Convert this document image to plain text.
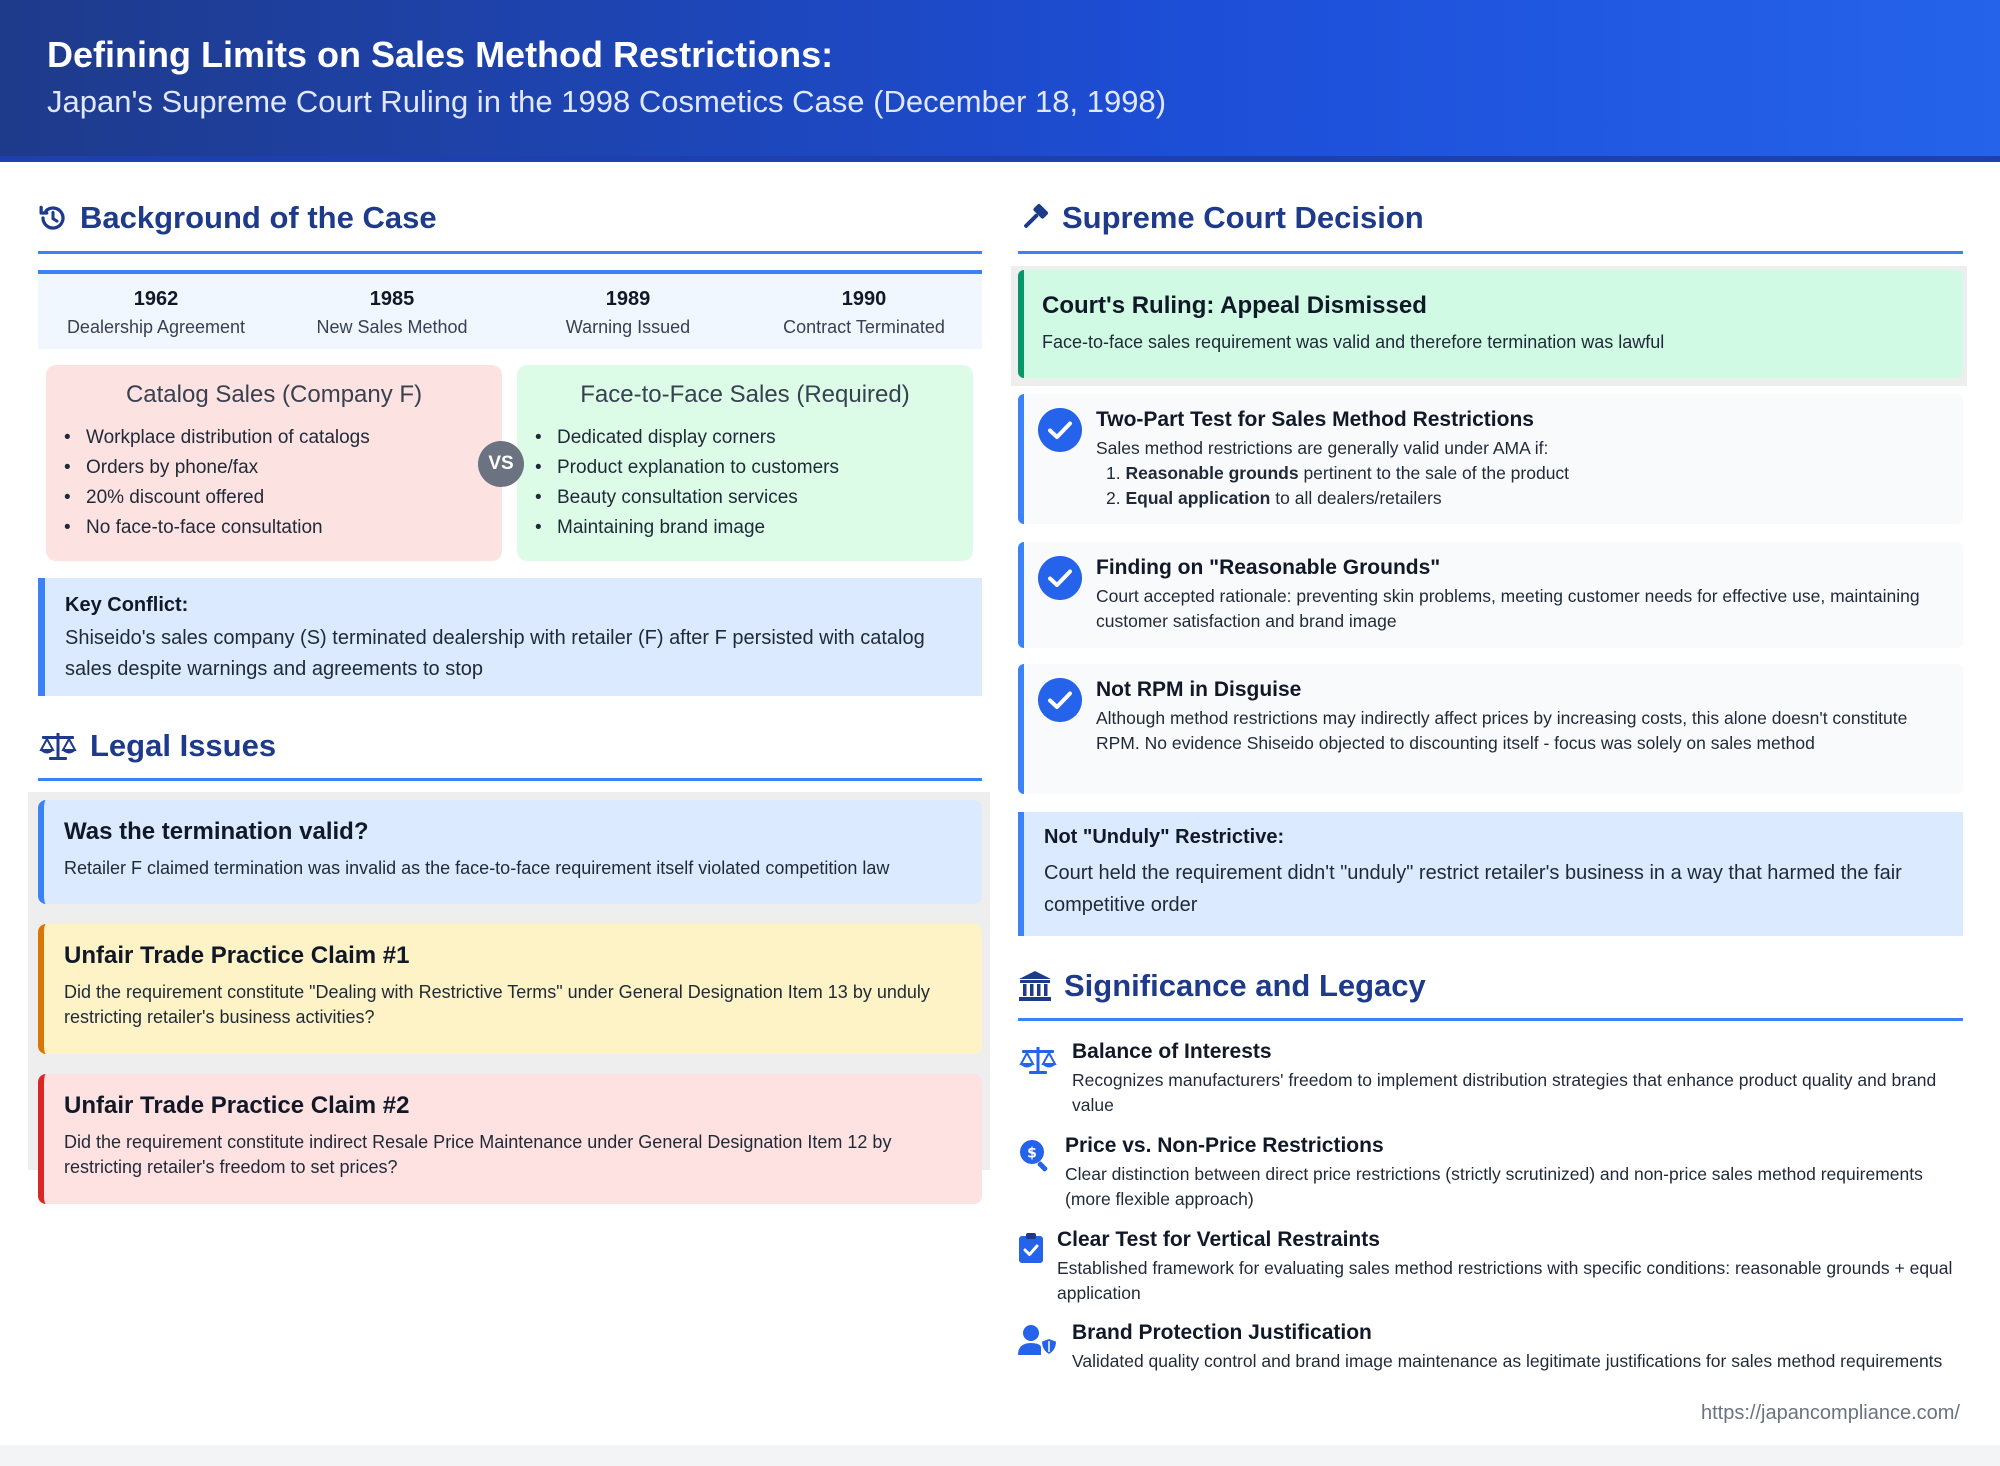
Defining Limits on Sales Method Restrictions:
Japan's Supreme Court Ruling in the 1998 Cosmetics Case (December 18, 1998)
Background of the Case
1962
Dealership Agreement
1985
New Sales Method
1989
Warning Issued
1990
Contract Terminated
Catalog Sales (Company F)
• Workplace distribution of catalogs
• Orders by phone/fax
• 20% discount offered
• No face-to-face consultation
Face-to-Face Sales (Required)
• Dedicated display corners
• Product explanation to customers
• Beauty consultation services
• Maintaining brand image
VS
Key Conflict:
Shiseido's sales company (S) terminated dealership with retailer (F) after F persisted with catalog sales despite warnings and agreements to stop
Legal Issues
Was the termination valid?
Retailer F claimed termination was invalid as the face-to-face requirement itself violated competition law
Unfair Trade Practice Claim #1
Did the requirement constitute "Dealing with Restrictive Terms" under General Designation Item 13 by unduly restricting retailer's business activities?
Unfair Trade Practice Claim #2
Did the requirement constitute indirect Resale Price Maintenance under General Designation Item 12 by restricting retailer's freedom to set prices?
Supreme Court Decision
Court's Ruling: Appeal Dismissed
Face-to-face sales requirement was valid and therefore termination was lawful
Two-Part Test for Sales Method Restrictions
Sales method restrictions are generally valid under AMA if:
1. Reasonable grounds pertinent to the sale of the product
2. Equal application to all dealers/retailers
Finding on "Reasonable Grounds"
Court accepted rationale: preventing skin problems, meeting customer needs for effective use, maintaining customer satisfaction and brand image
Not RPM in Disguise
Although method restrictions may indirectly affect prices by increasing costs, this alone doesn't constitute RPM. No evidence Shiseido objected to discounting itself - focus was solely on sales method
Not "Unduly" Restrictive:
Court held the requirement didn't "unduly" restrict retailer's business in a way that harmed the fair competitive order
Significance and Legacy
Balance of Interests
Recognizes manufacturers' freedom to implement distribution strategies that enhance product quality and brand value
$ Price vs. Non-Price Restrictions
Clear distinction between direct price restrictions (strictly scrutinized) and non-price sales method requirements (more flexible approach)
Clear Test for Vertical Restraints
Established framework for evaluating sales method restrictions with specific conditions: reasonable grounds + equal application
Brand Protection Justification
Validated quality control and brand image maintenance as legitimate justifications for sales method requirements
https://japancompliance.com/
